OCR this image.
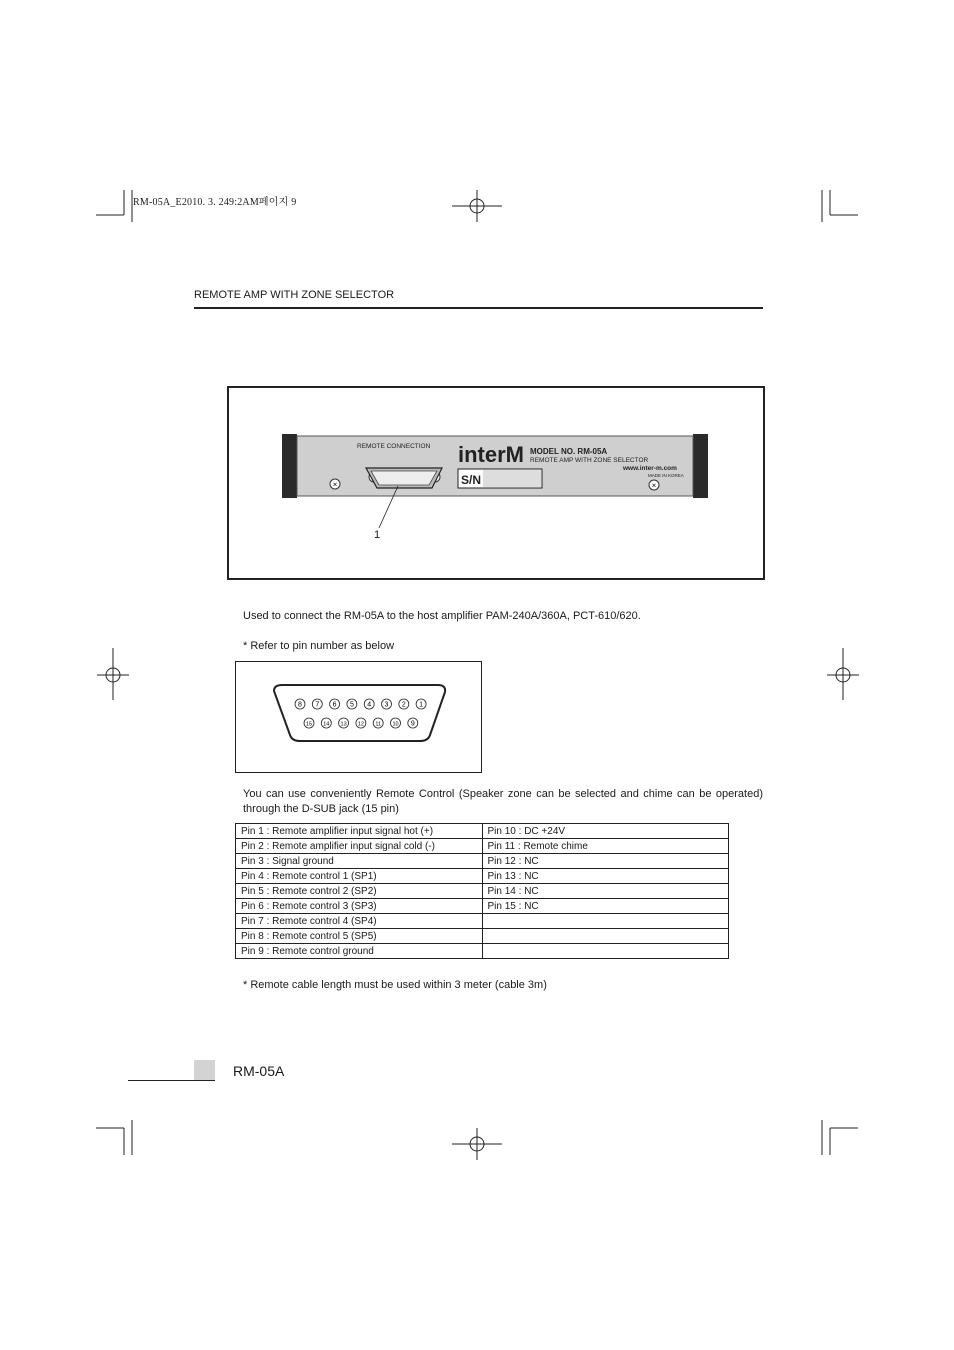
RM-05A_E2010. 3. 249:2AM페이지 9
REMOTE AMP WITH ZONE SELECTOR
REMOTE CONNECTION
✕
interM MODEL NO. RM-05A
REMOTE AMP WITH ZONE SELECTOR
www.inter-m.com
MADE IN KOREA
S/N	✕
1
Used to connect the RM-05A to the host amplifier PAM-240A/360A, PCT-610/620.
* Refer to pin number as below
8 7 6 5 4 3 2 1
15 14 13 12 11 10 9
You can use conveniently Remote Control (Speaker zone can be selected and chime can be operated) through the D-SUB jack (15 pin)
Pin 1 : Remote amplifier input signal hot (+)	Pin 10 : DC +24V
Pin 2 : Remote amplifier input signal cold (-)	Pin 11 : Remote chime
Pin 3 : Signal ground	Pin 12 : NC
Pin 4 : Remote control 1 (SP1)	Pin 13 : NC
Pin 5 : Remote control 2 (SP2)	Pin 14 : NC
Pin 6 : Remote control 3 (SP3)	Pin 15 : NC
Pin 7 : Remote control 4 (SP4)	
Pin 8 : Remote control 5 (SP5)	
Pin 9 : Remote control ground	
* Remote cable length must be used within 3 meter (cable 3m)
RM-05A
